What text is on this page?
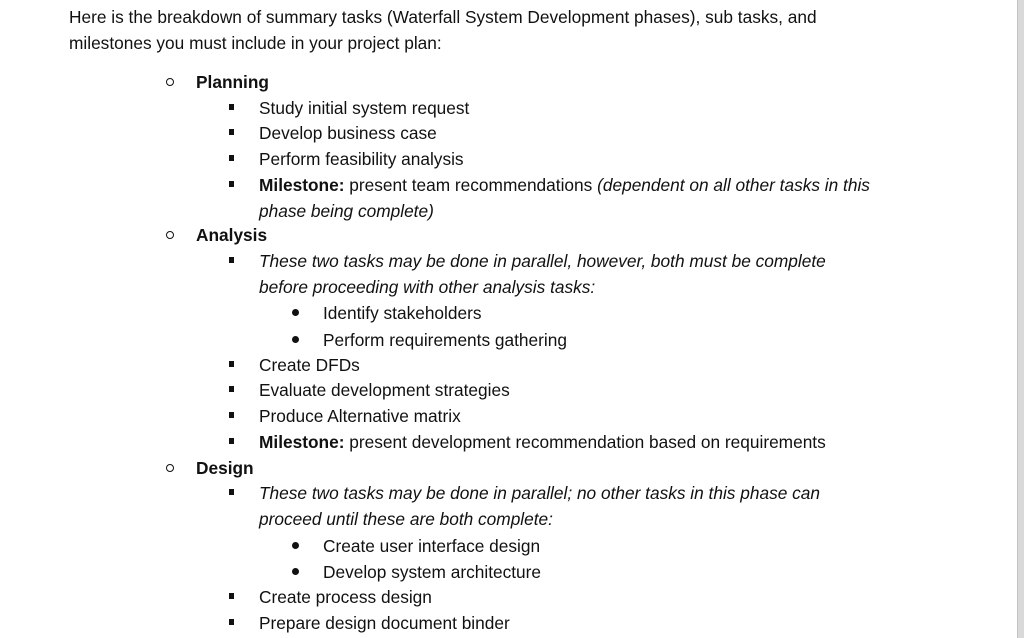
Here is the breakdown of summary tasks (Waterfall System Development phases), sub tasks, and
milestones you must include in your project plan:
Planning
Study initial system request
Develop business case
Perform feasibility analysis
Milestone: present team recommendations (dependent on all other tasks in this
phase being complete)
Analysis
These two tasks may be done in parallel, however, both must be complete
before proceeding with other analysis tasks:
Identify stakeholders
Perform requirements gathering
Create DFDs
Evaluate development strategies
Produce Alternative matrix
Milestone: present development recommendation based on requirements
Design
These two tasks may be done in parallel; no other tasks in this phase can
proceed until these are both complete:
Create user interface design
Develop system architecture
Create process design
Prepare design document binder
